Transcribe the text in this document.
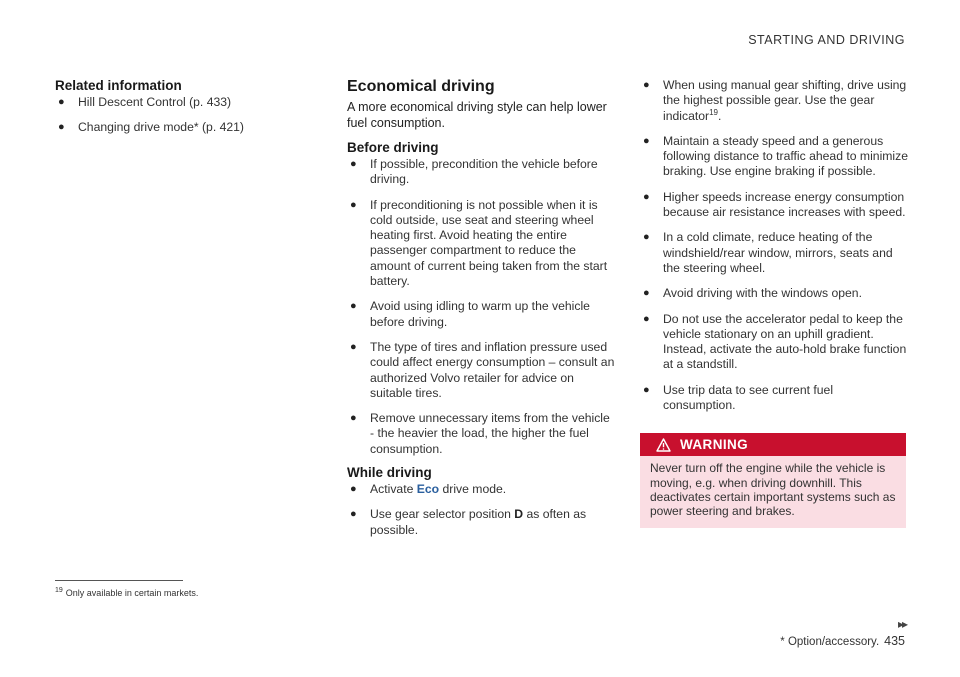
STARTING AND DRIVING
Related information
● Hill Descent Control (p. 433)
● Changing drive mode* (p. 421)
Economical driving

A more economical driving style can help lower fuel consumption.

Before driving
● If possible, precondition the vehicle before driving.
● If preconditioning is not possible when it is cold outside, use seat and steering wheel heating first. Avoid heating the entire passenger compartment to reduce the amount of current being taken from the start battery.
● Avoid using idling to warm up the vehicle before driving.
● The type of tires and inflation pressure used could affect energy consumption – consult an authorized Volvo retailer for advice on suitable tires.
● Remove unnecessary items from the vehicle - the heavier the load, the higher the fuel consumption.
While driving
● Activate Eco drive mode.
● Use gear selector position D as often as possible.
● When using manual gear shifting, drive using the highest possible gear. Use the gear indicator$^{19}$.
● Maintain a steady speed and a generous following distance to traffic ahead to minimize braking. Use engine braking if possible.
● Higher speeds increase energy consumption because air resistance increases with speed.
● In a cold climate, reduce heating of the windshield/rear window, mirrors, seats and the steering wheel.
● Avoid driving with the windows open.
● Do not use the accelerator pedal to keep the vehicle stationary on an uphill gradient. Instead, activate the auto-hold brake function at a standstill.
● Use trip data to see current fuel consumption.
WARNING
Never turn off the engine while the vehicle is moving, e.g. when driving downhill. This deactivates certain important systems such as power steering and brakes.
$^{19}$ Only available in certain markets.
▸▸
* Option/accessory. 435
